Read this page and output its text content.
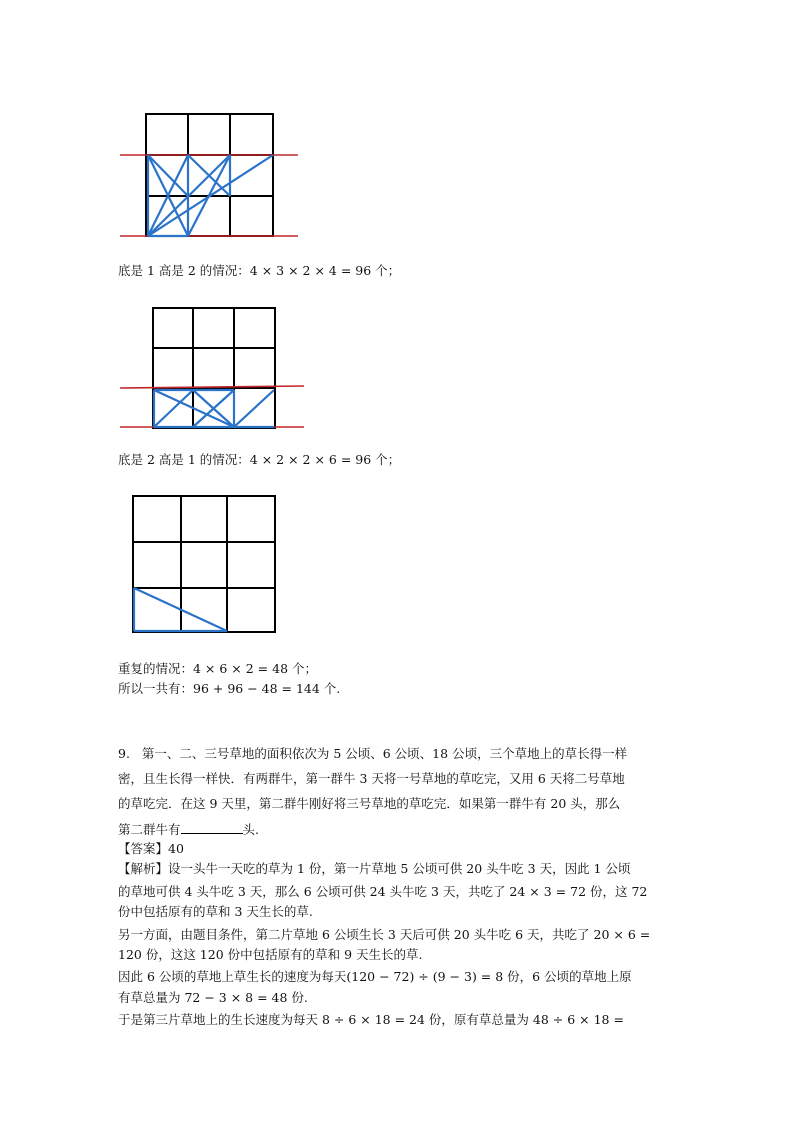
底是 1 高是 2 的情况：4 × 3 × 2 × 4 = 96 个；
底是 2 高是 1 的情况：4 × 2 × 2 × 6 = 96 个；
重复的情况：4 × 6 × 2 = 48 个；
所以一共有：96 + 96 − 48 = 144 个.
9. 第一、二、三号草地的面积依次为 5 公顷、6 公顷、18 公顷，三个草地上的草长得一样
密，且生长得一样快．有两群牛，第一群牛 3 天将一号草地的草吃完，又用 6 天将二号草地
的草吃完．在这 9 天里，第二群牛刚好将三号草地的草吃完．如果第一群牛有 20 头，那么
第二群牛有	头.
【答案】40
【解析】设一头牛一天吃的草为 1 份，第一片草地 5 公顷可供 20 头牛吃 3 天，因此 1 公顷
的草地可供 4 头牛吃 3 天，那么 6 公顷可供 24 头牛吃 3 天，共吃了 24 × 3 = 72 份，这 72
份中包括原有的草和 3 天生长的草.
另一方面，由题目条件，第二片草地 6 公顷生长 3 天后可供 20 头牛吃 6 天，共吃了 20 × 6 =
120 份，这这 120 份中包括原有的草和 9 天生长的草.
因此 6 公顷的草地上草生长的速度为每天(120 − 72) ÷ (9 − 3) = 8 份，6 公顷的草地上原
有草总量为 72 − 3 × 8 = 48 份.
于是第三片草地上的生长速度为每天 8 ÷ 6 × 18 = 24 份，原有草总量为 48 ÷ 6 × 18 =
